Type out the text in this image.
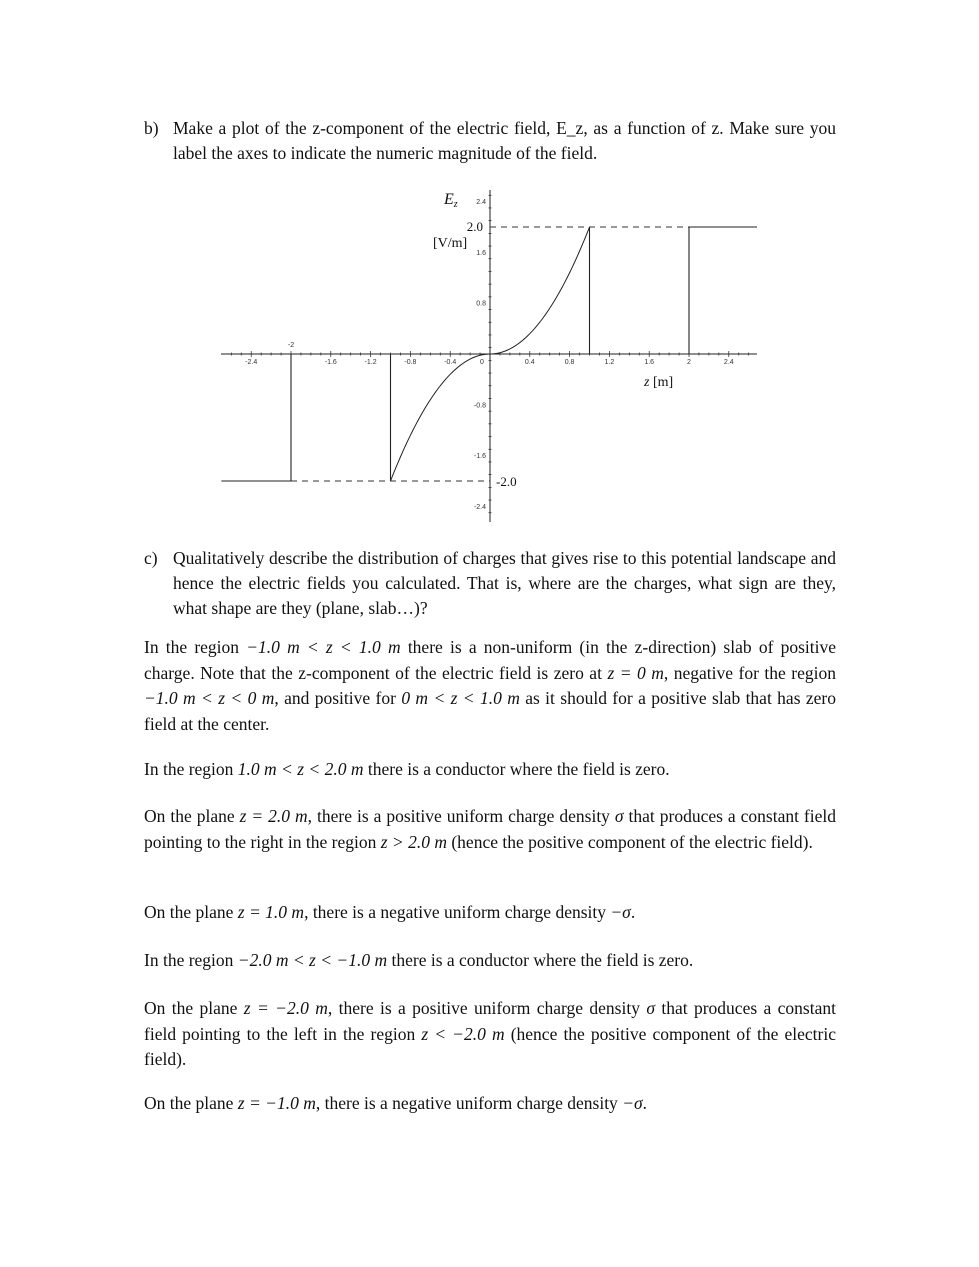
b) Make a plot of the z-component of the electric field, E_z, as a function of z. Make sure you label the axes to indicate the numeric magnitude of the field.
-2.4
-2
-1.6	-1.2	-0.8	-0.4	0	0.4	0.8	1.2	1.6	2	2.4
2.4
1.6
0.8
-0.8
-1.6
-2.4
2.0
-2.0
Ez
[V/m]
z [m]
c) Qualitatively describe the distribution of charges that gives rise to this potential landscape and hence the electric fields you calculated. That is, where are the charges, what sign are they, what shape are they (plane, slab…)?
In the region −1.0 m < z < 1.0 m there is a non-uniform (in the z-direction) slab of positive charge. Note that the z-component of the electric field is zero at z = 0 m, negative for the region −1.0 m < z < 0 m, and positive for 0 m < z < 1.0 m as it should for a positive slab that has zero field at the center.
In the region 1.0 m < z < 2.0 m there is a conductor where the field is zero.
On the plane z = 2.0 m, there is a positive uniform charge density σ that produces a constant field pointing to the right in the region z > 2.0 m (hence the positive component of the electric field).
On the plane z = 1.0 m, there is a negative uniform charge density −σ.
In the region −2.0 m < z < −1.0 m there is a conductor where the field is zero.
On the plane z = −2.0 m, there is a positive uniform charge density σ that produces a constant field pointing to the left in the region z < −2.0 m (hence the positive component of the electric field).
On the plane z = −1.0 m, there is a negative uniform charge density −σ.
